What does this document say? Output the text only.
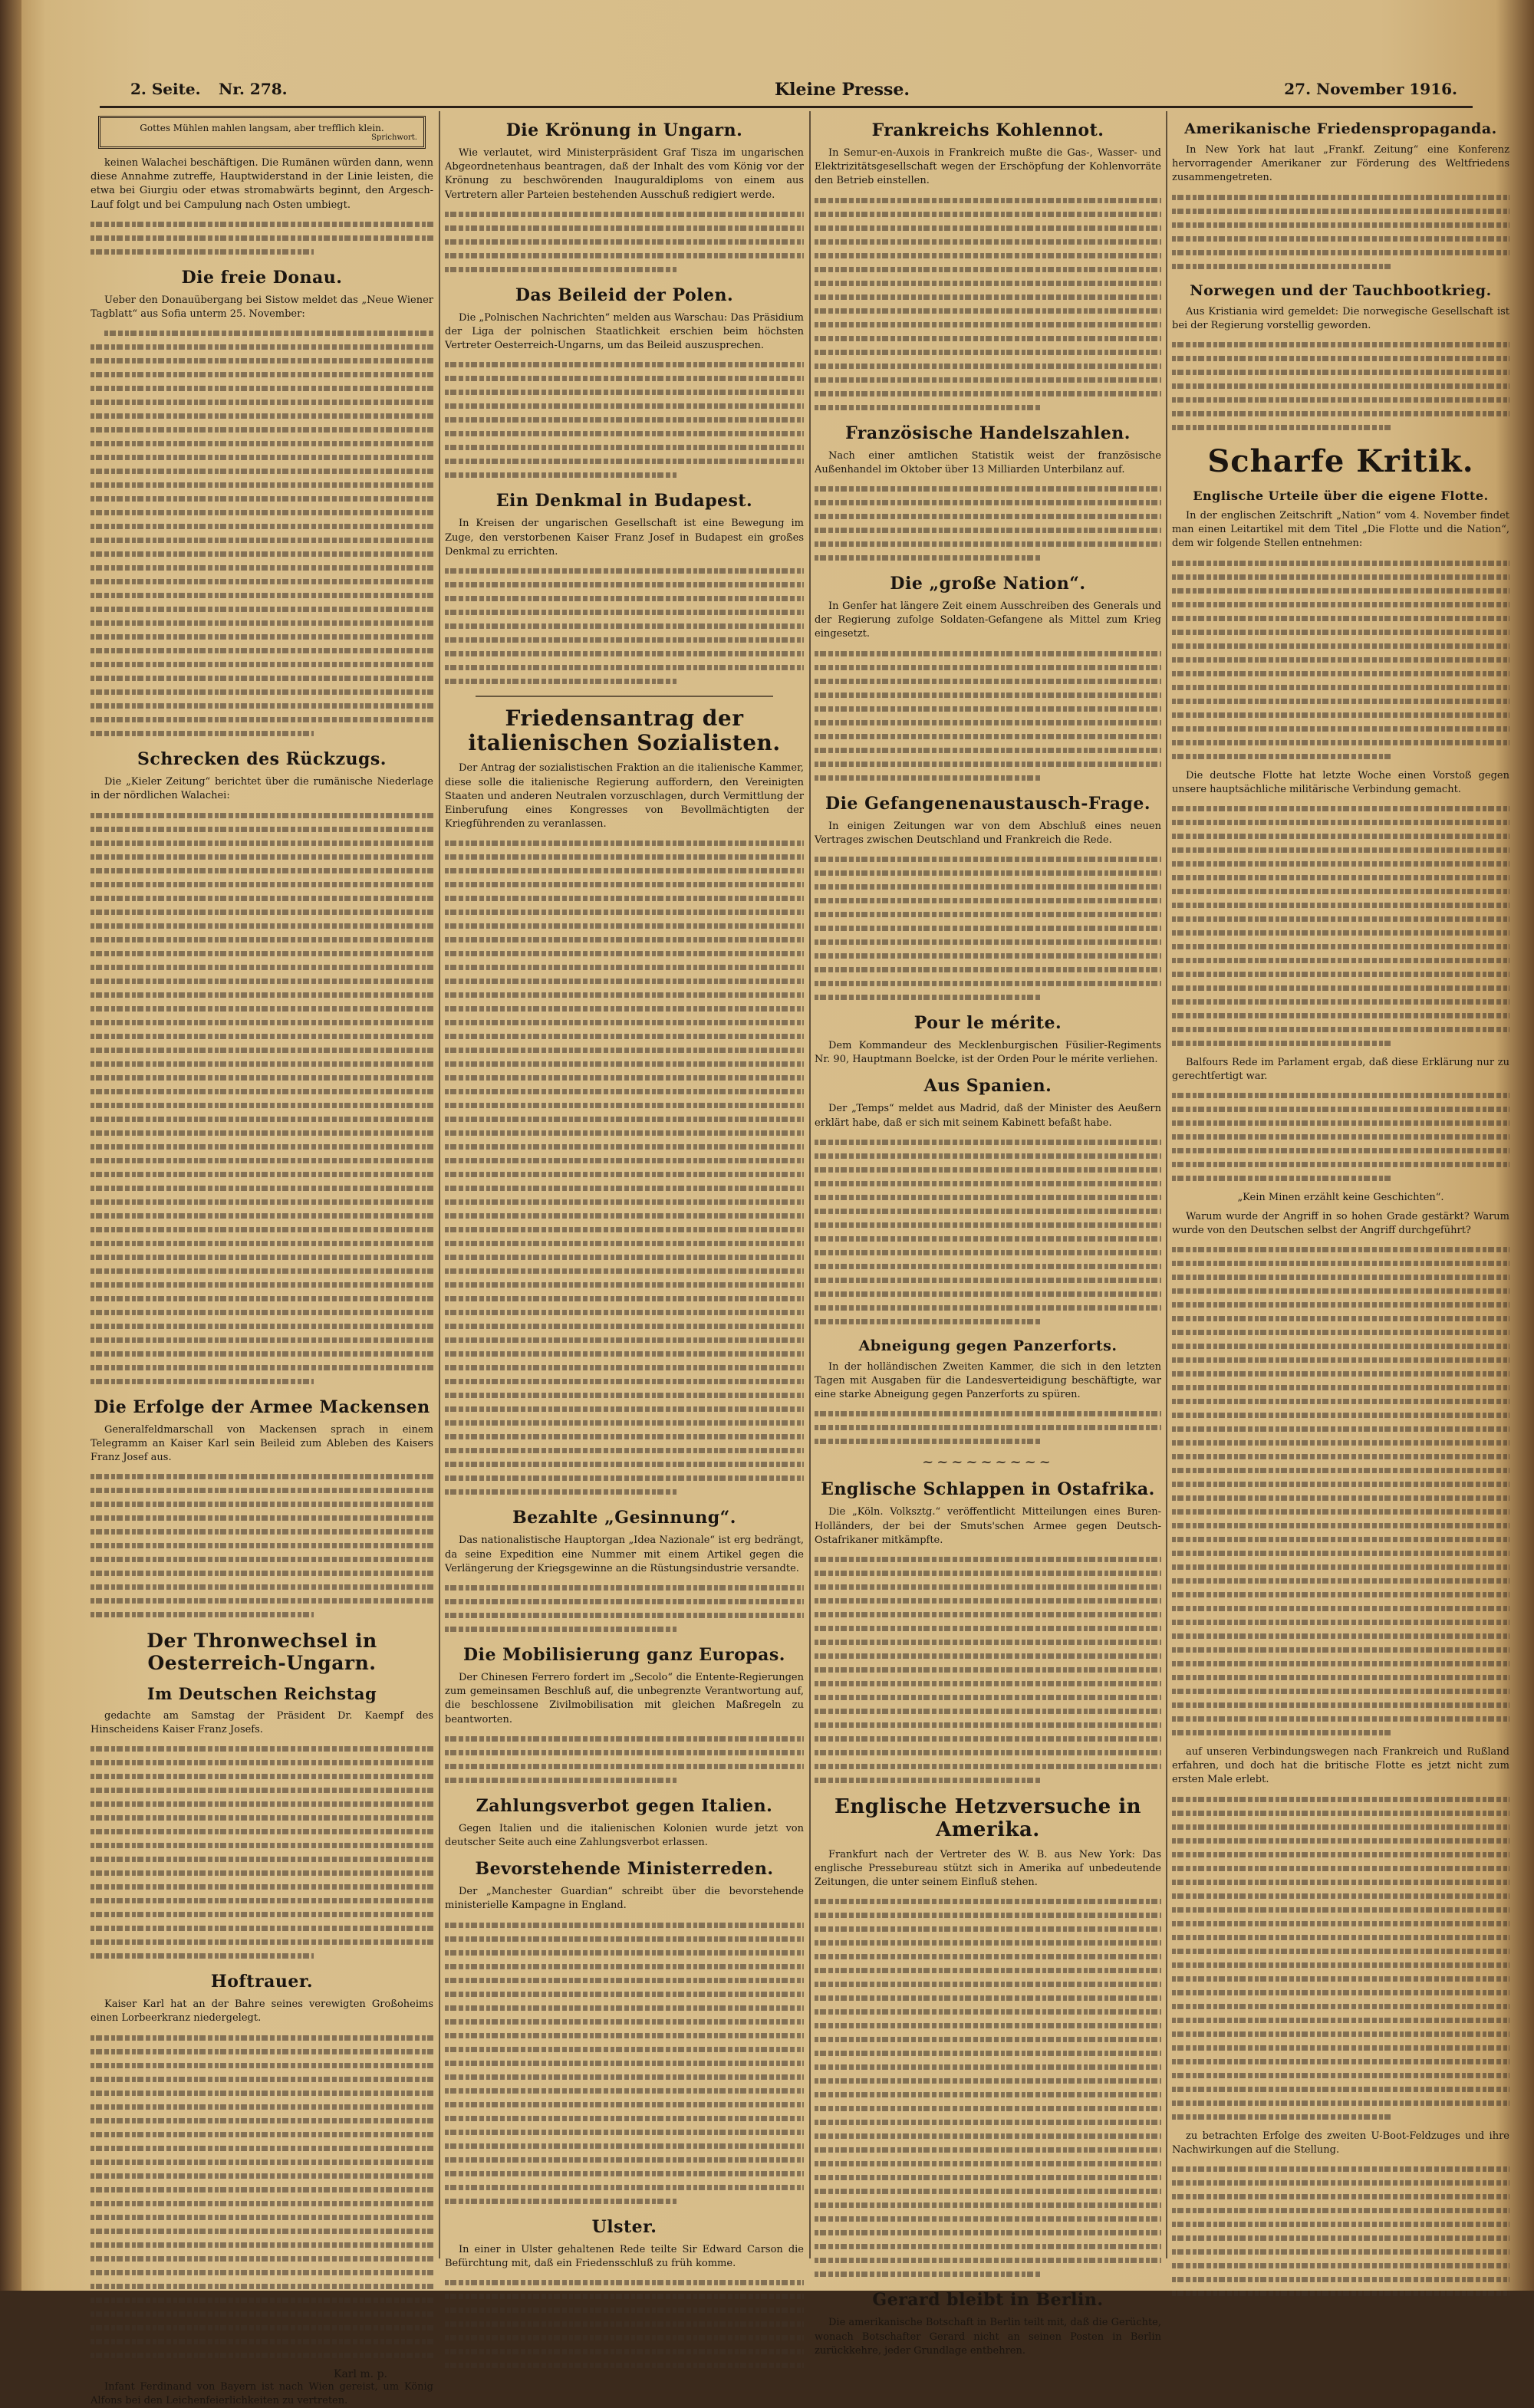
2. Seite. Nr. 278.	Kleine Presse.	27. November 1916.
Gottes Mühlen mahlen langsam, aber trefflich klein.
Sprichwort.

keinen Walachei beschäftigen. Die Rumänen würden dann, wenn diese Annahme zutreffe, Hauptwiderstand in der Linie leisten, die etwa bei Giurgiu oder etwas stromabwärts beginnt, den Argesch-Lauf folgt und bei Campulung nach Osten umbiegt.

Die freie Donau.

Ueber den Donauübergang bei Sistow meldet das „Neue Wiener Tagblatt“ aus Sofia unterm 25. November:

Schrecken des Rückzugs.

Die „Kieler Zeitung“ berichtet über die rumänische Niederlage in der nördlichen Walachei:

Die Erfolge der Armee Mackensen

Generalfeldmarschall von Mackensen sprach in einem Telegramm an Kaiser Karl sein Beileid zum Ableben des Kaisers Franz Josef aus.

Der Thronwechsel in Oesterreich-Ungarn.
Im Deutschen Reichstag

gedachte am Samstag der Präsident Dr. Kaempf des Hinscheidens Kaiser Franz Josefs.

Hoftrauer.

Kaiser Karl hat an der Bahre seines verewigten Großoheims einen Lorbeerkranz niedergelegt.

Karl m. p.

Infant Ferdinand von Bayern ist nach Wien gereist, um König Alfons bei den Leichenfeierlichkeiten zu vertreten.

Die Krönung in Ungarn.

Wie verlautet, wird Ministerpräsident Graf Tisza im ungarischen Abgeordnetenhaus beantragen, daß der Inhalt des vom König vor der Krönung zu beschwörenden Inauguraldiploms von einem aus Vertretern aller Parteien bestehenden Ausschuß redigiert werde.

Das Beileid der Polen.

Die „Polnischen Nachrichten“ melden aus Warschau: Das Präsidium der Liga der polnischen Staatlichkeit erschien beim höchsten Vertreter Oesterreich-Ungarns, um das Beileid auszusprechen.

Ein Denkmal in Budapest.

In Kreisen der ungarischen Gesellschaft ist eine Bewegung im Zuge, den verstorbenen Kaiser Franz Josef in Budapest ein großes Denkmal zu errichten.

Friedensantrag der italienischen Sozialisten.

Der Antrag der sozialistischen Fraktion an die italienische Kammer, diese solle die italienische Regierung auffordern, den Vereinigten Staaten und anderen Neutralen vorzuschlagen, durch Vermittlung der Einberufung eines Kongresses von Bevollmächtigten der Kriegführenden zu veranlassen.

Bezahlte „Gesinnung“.

Das nationalistische Hauptorgan „Idea Nazionale“ ist erg bedrängt, da seine Expedition eine Nummer mit einem Artikel gegen die Verlängerung der Kriegsgewinne an die Rüstungsindustrie versandte.

Die Mobilisierung ganz Europas.

Der Chinesen Ferrero fordert im „Secolo“ die Entente-Regierungen zum gemeinsamen Beschluß auf, die unbegrenzte Verantwortung auf, die beschlossene Zivilmobilisation mit gleichen Maßregeln zu beantworten.

Zahlungsverbot gegen Italien.

Gegen Italien und die italienischen Kolonien wurde jetzt von deutscher Seite auch eine Zahlungsverbot erlassen.

Bevorstehende Ministerreden.

Der „Manchester Guardian“ schreibt über die bevorstehende ministerielle Kampagne in England.

Ulster.

In einer in Ulster gehaltenen Rede teilte Sir Edward Carson die Befürchtung mit, daß ein Friedensschluß zu früh komme.

Frankreichs Kohlennot.

In Semur-en-Auxois in Frankreich mußte die Gas-, Wasser- und Elektrizitätsgesellschaft wegen der Erschöpfung der Kohlenvorräte den Betrieb einstellen.

Französische Handelszahlen.

Nach einer amtlichen Statistik weist der französische Außenhandel im Oktober über 13 Milliarden Unterbilanz auf.

Die „große Nation“.

In Genfer hat längere Zeit einem Ausschreiben des Generals und der Regierung zufolge Soldaten-Gefangene als Mittel zum Krieg eingesetzt.

Die Gefangenenaustausch-Frage.

In einigen Zeitungen war von dem Abschluß eines neuen Vertrages zwischen Deutschland und Frankreich die Rede.

Pour le mérite.

Dem Kommandeur des Mecklenburgischen Füsilier-Regiments Nr. 90, Hauptmann Boelcke, ist der Orden Pour le mérite verliehen.

Aus Spanien.

Der „Temps“ meldet aus Madrid, daß der Minister des Aeußern erklärt habe, daß er sich mit seinem Kabinett befaßt habe.

Abneigung gegen Panzerforts.

In der holländischen Zweiten Kammer, die sich in den letzten Tagen mit Ausgaben für die Landesverteidigung beschäftigte, war eine starke Abneigung gegen Panzerforts zu spüren.

~~~~~~~~~
Englische Schlappen in Ostafrika.

Die „Köln. Volksztg.“ veröffentlicht Mitteilungen eines Buren-Holländers, der bei der Smuts'schen Armee gegen Deutsch-Ostafrikaner mitkämpfte.

Englische Hetzversuche in Amerika.

Frankfurt nach der Vertreter des W. B. aus New York: Das englische Pressebureau stützt sich in Amerika auf unbedeutende Zeitungen, die unter seinem Einfluß stehen.

Gerard bleibt in Berlin.

Die amerikanische Botschaft in Berlin teilt mit, daß die Gerüchte, wonach Botschafter Gerard nicht an seinen Posten in Berlin zurückkehre, jeder Grundlage entbehren.

Amerikanische Friedenspropaganda.

In New York hat laut „Frankf. Zeitung“ eine Konferenz hervorragender Amerikaner zur Förderung des Weltfriedens zusammengetreten.

Norwegen und der Tauchbootkrieg.

Aus Kristiania wird gemeldet: Die norwegische Gesellschaft ist bei der Regierung vorstellig geworden.

Scharfe Kritik.
Englische Urteile über die eigene Flotte.

In der englischen Zeitschrift „Nation“ vom 4. November findet man einen Leitartikel mit dem Titel „Die Flotte und die Nation“, dem wir folgende Stellen entnehmen:

Die deutsche Flotte hat letzte Woche einen Vorstoß gegen unsere hauptsächliche militärische Verbindung gemacht.

Balfours Rede im Parlament ergab, daß diese Erklärung nur zu gerechtfertigt war.

„Kein Minen erzählt keine Geschichten“.

Warum wurde der Angriff in so hohen Grade gestärkt? Warum wurde von den Deutschen selbst der Angriff durchgeführt?

auf unseren Verbindungswegen nach Frankreich und Rußland erfahren, und doch hat die britische Flotte es jetzt nicht zum ersten Male erlebt.

zu betrachten Erfolge des zweiten U-Boot-Feldzuges und ihre Nachwirkungen auf die Stellung.
